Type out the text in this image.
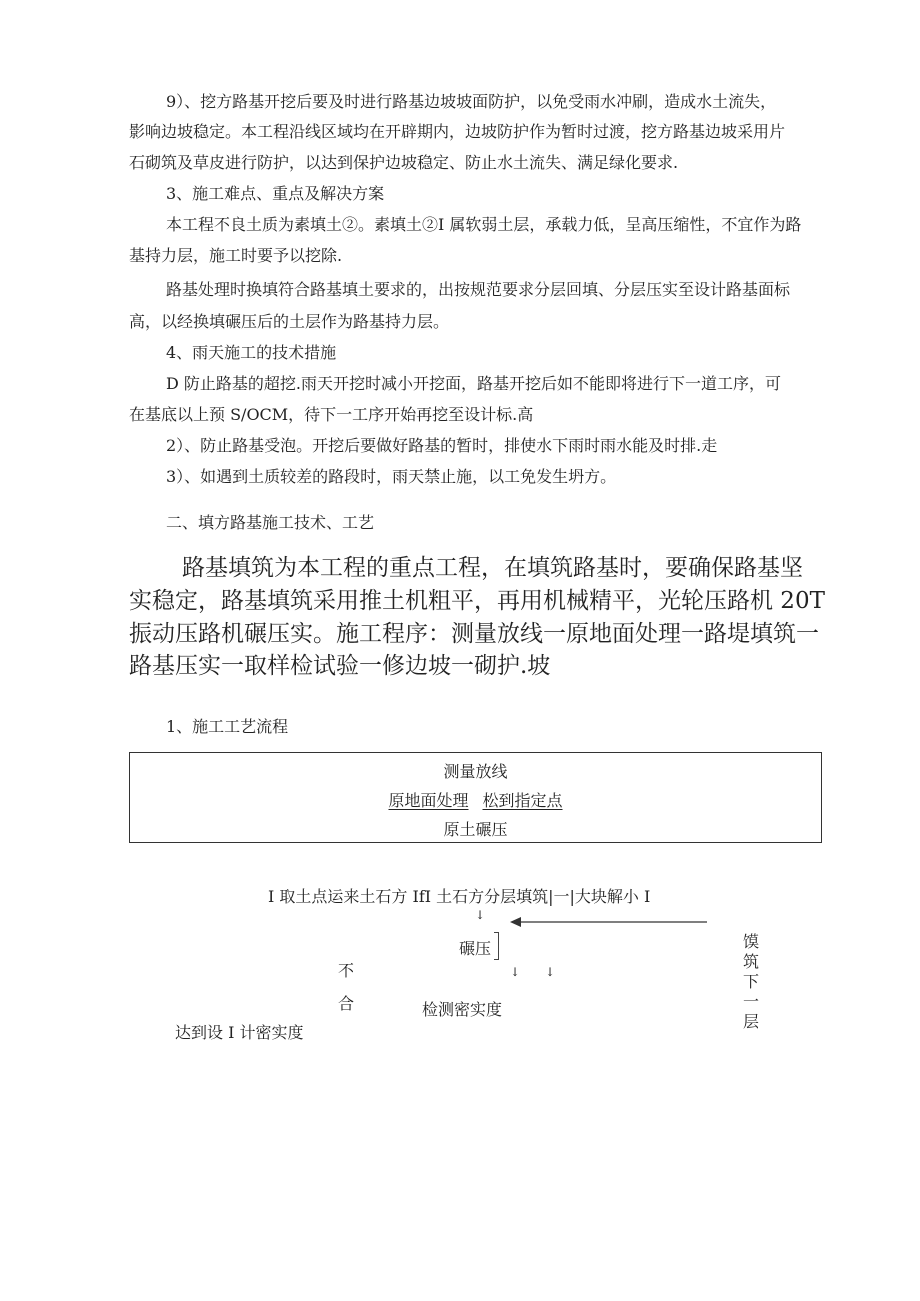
9）、挖方路基开挖后要及时进行路基边坡坡面防护，以免受雨水冲刷，造成水土流失，
影响边坡稳定。本工程沿线区域均在开辟期内，边坡防护作为暂时过渡，挖方路基边坡采用片
石砌筑及草皮进行防护，以达到保护边坡稳定、防止水土流失、满足绿化要求.
3、施工难点、重点及解决方案
本工程不良土质为素填土②。素填土②I 属软弱土层，承载力低，呈高压缩性，不宜作为路
基持力层，施工时要予以挖除.
路基处理时换填符合路基填土要求的，出按规范要求分层回填、分层压实至设计路基面标
高，以经换填碾压后的土层作为路基持力层。
4、雨天施工的技术措施
D 防止路基的超挖.雨天开挖时减小开挖面，路基开挖后如不能即将进行下一道工序，可
在基底以上预 S/OCM，待下一工序开始再挖至设计标.高
2）、防止路基受泡。开挖后要做好路基的暂时，排使水下雨时雨水能及时排.走
3）、如遇到土质较差的路段时，雨天禁止施，以工免发生坍方。
二、填方路基施工技术、工艺
路基填筑为本工程的重点工程，在填筑路基时，要确保路基坚
实稳定，路基填筑采用推土机粗平，再用机械精平，光轮压路机 20T
振动压路机碾压实。施工程序：测量放线一原地面处理一路堤填筑一
路基压实一取样检试验一修边坡一砌护.坡
1、施工工艺流程
测量放线
原地面处理 松到指定点
原土碾压
I 取土点运来土石方 IfI 土石方分层填筑|一|大块解小 I
↓
碾压
↓ ↓
不
合	检测密实度
达到设 I 计密实度
馍筑下一层
